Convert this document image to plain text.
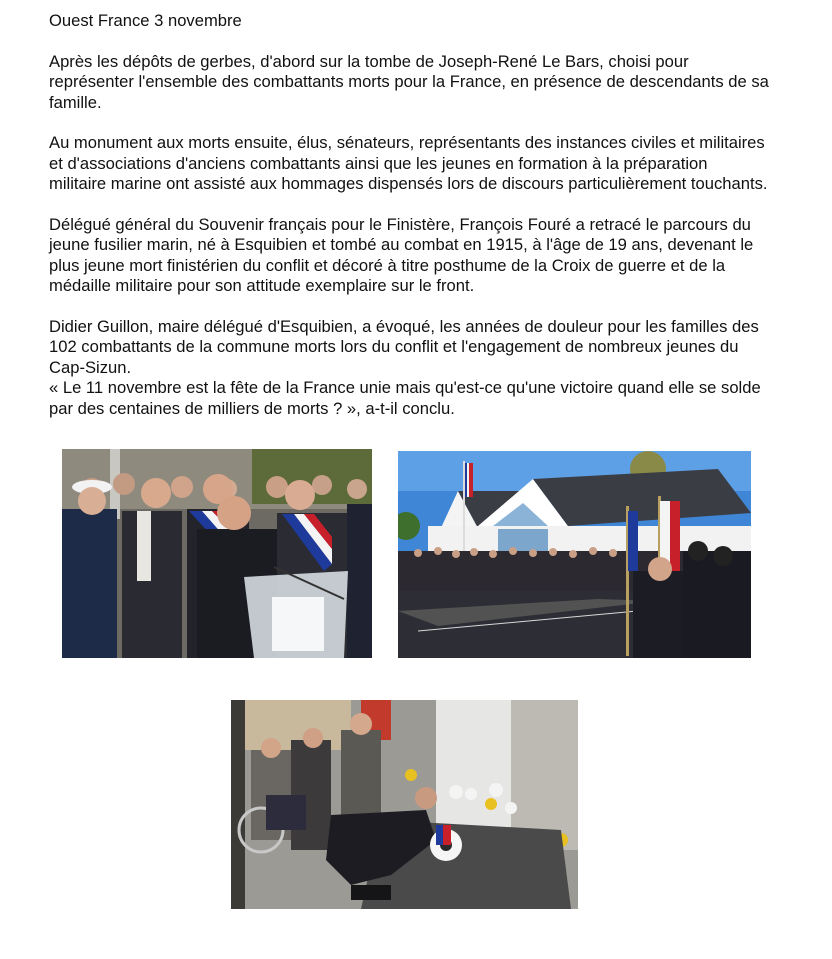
Ouest France 3 novembre

Après les dépôts de gerbes, d'abord sur la tombe de Joseph-René Le Bars, choisi pour représenter l'ensemble des combattants morts pour la France, en présence de descendants de sa famille.

Au monument aux morts ensuite, élus, sénateurs, représentants des instances civiles et militaires et d'associations d'anciens combattants ainsi que les jeunes en formation à la préparation militaire marine ont assisté aux hommages dispensés lors de discours particulièrement touchants.

Délégué général du Souvenir français pour le Finistère, François Fouré a retracé le parcours du jeune fusilier marin, né à Esquibien et tombé au combat en 1915, à l'âge de 19 ans, devenant le plus jeune mort finistérien du conflit et décoré à titre posthume de la Croix de guerre et de la médaille militaire pour son attitude exemplaire sur le front.

Didier Guillon, maire délégué d'Esquibien, a évoqué, les années de douleur pour les familles des 102 combattants de la commune morts lors du conflit et l'engagement de nombreux jeunes du Cap-Sizun.

« Le 11 novembre est la fête de la France unie mais qu'est-ce qu'une victoire quand elle se solde par des centaines de milliers de morts ? », a-t-il conclu.
